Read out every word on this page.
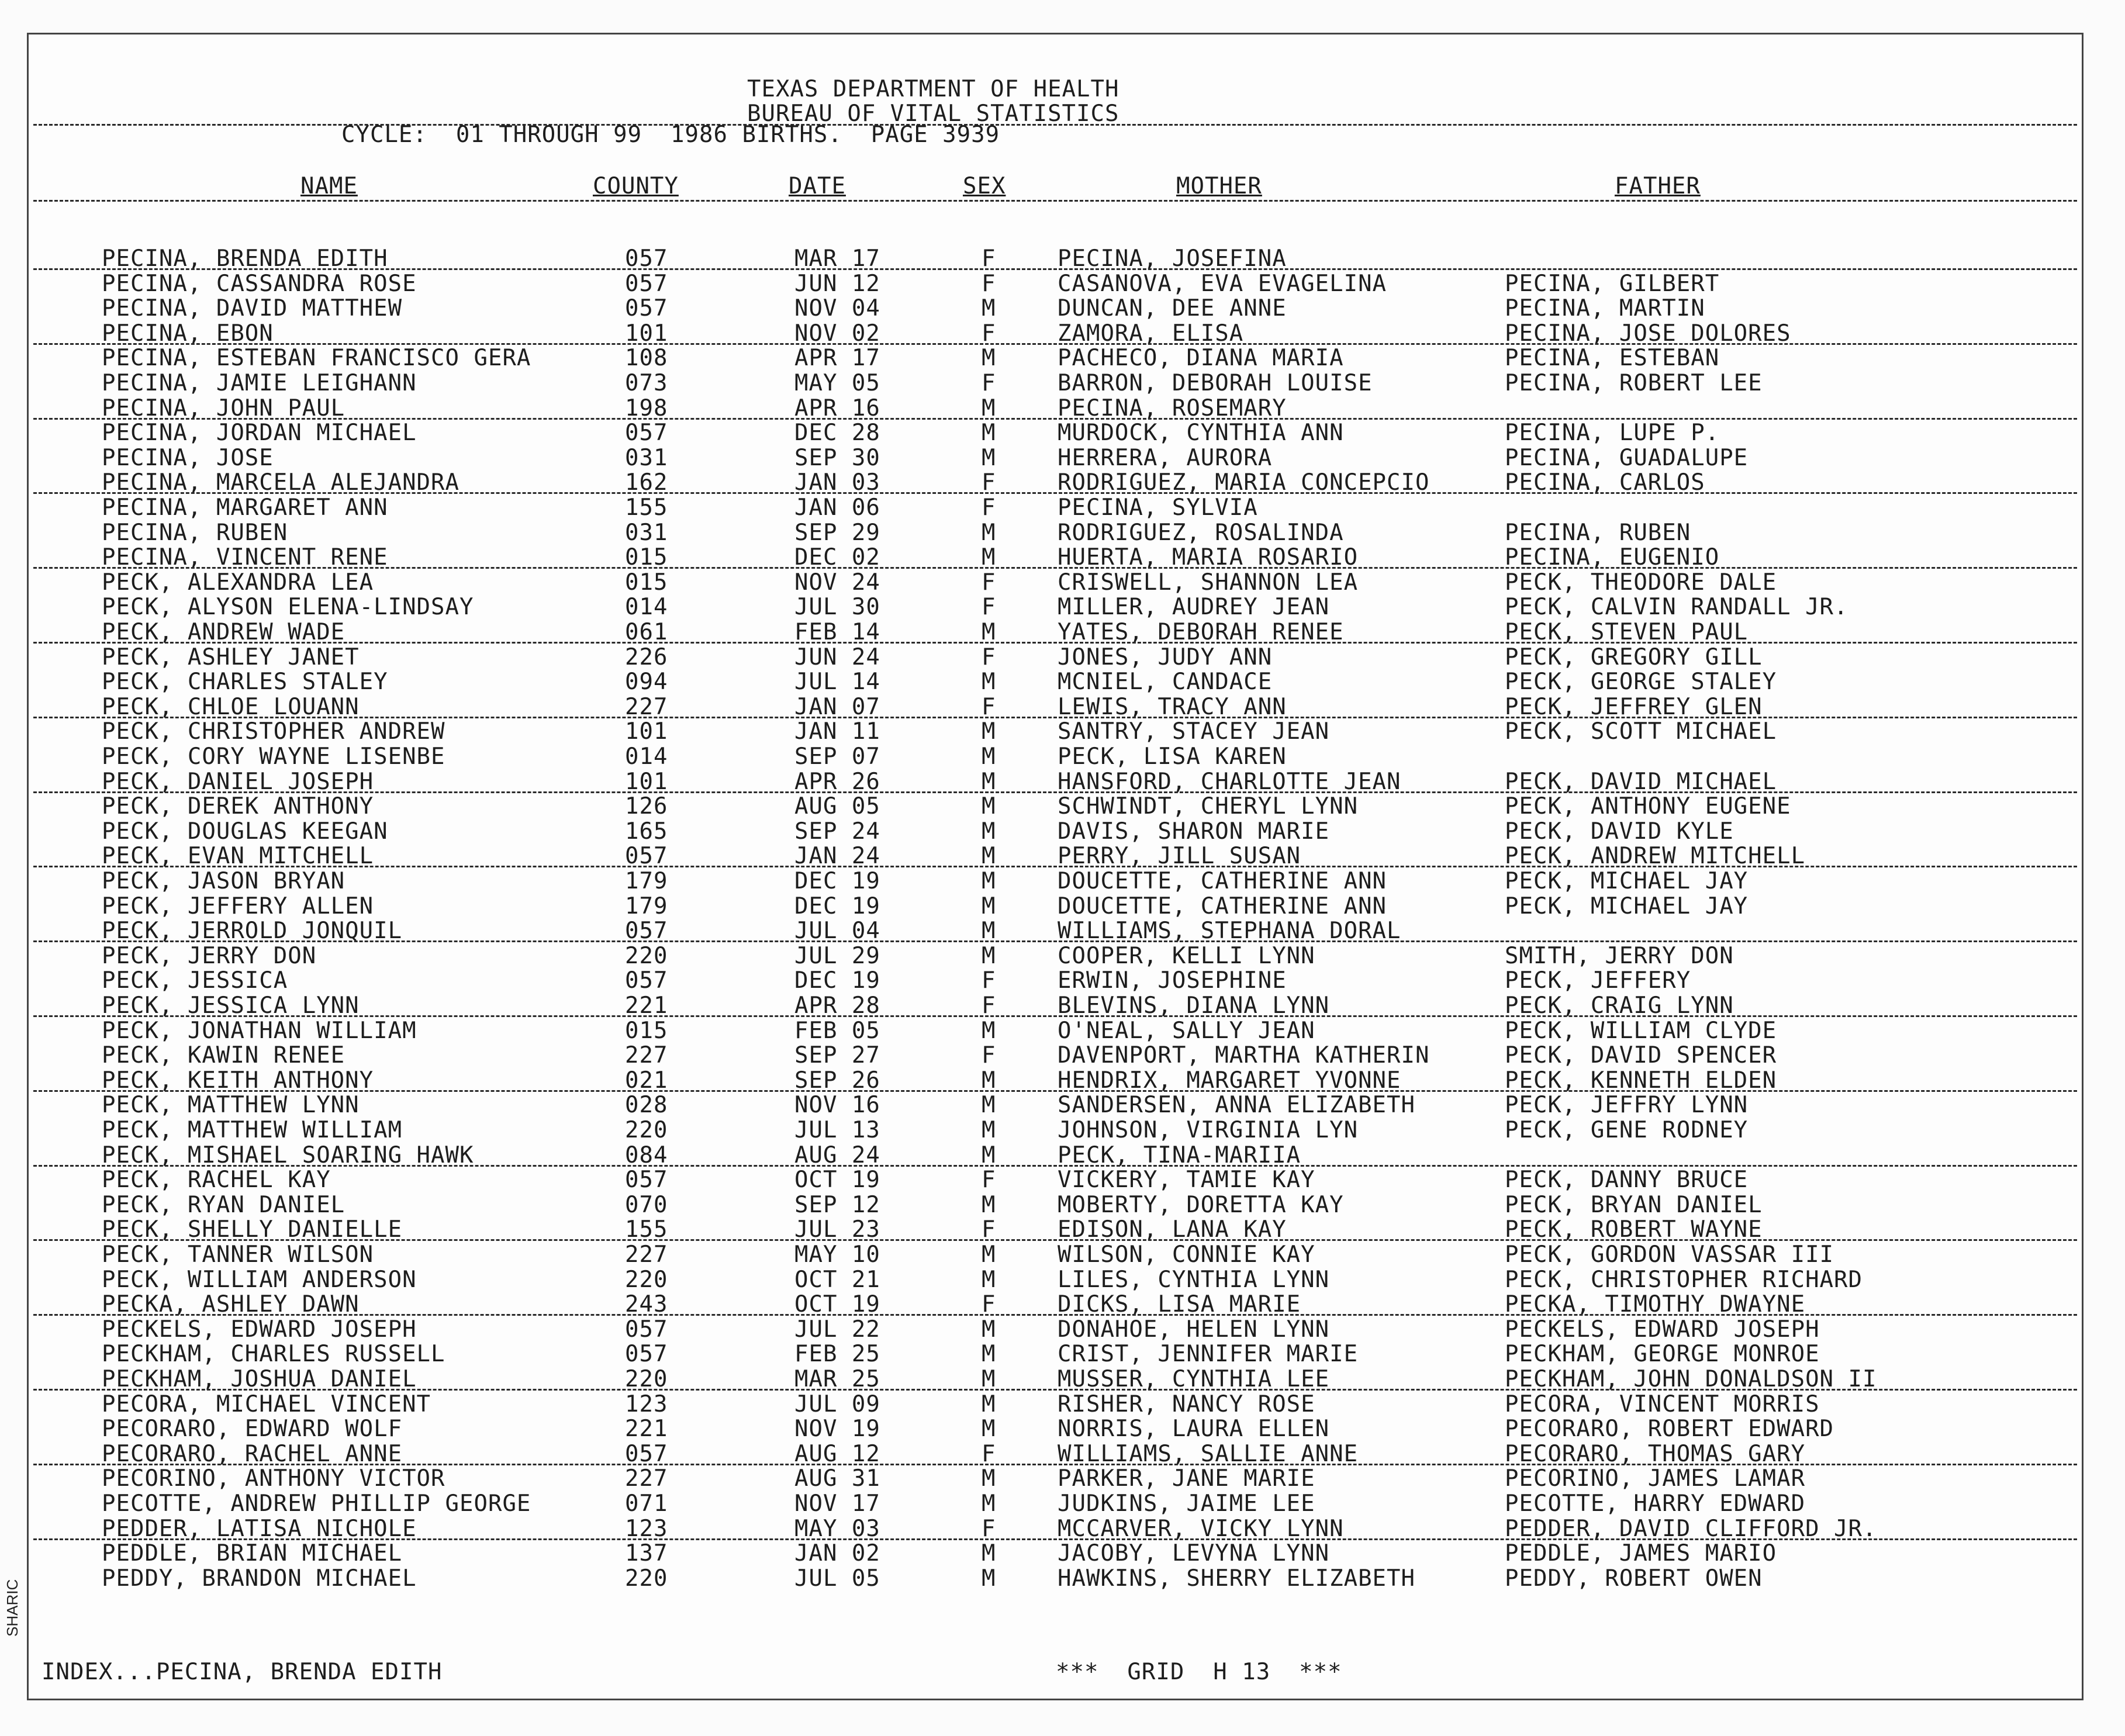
TEXAS DEPARTMENT OF HEALTH
BUREAU OF VITAL STATISTICS
CYCLE:  01 THROUGH 99  1986 BIRTHS.  PAGE 3939
NAME	COUNTY	DATE	SEX	MOTHER	FATHER
PECINA, BRENDA EDITH	057	MAR 17	F	PECINA, JOSEFINA
PECINA, CASSANDRA ROSE	057	JUN 12	F	CASANOVA, EVA EVAGELINA	PECINA, GILBERT
PECINA, DAVID MATTHEW	057	NOV 04	M	DUNCAN, DEE ANNE	PECINA, MARTIN
PECINA, EBON	101	NOV 02	F	ZAMORA, ELISA	PECINA, JOSE DOLORES
PECINA, ESTEBAN FRANCISCO GERA	108	APR 17	M	PACHECO, DIANA MARIA	PECINA, ESTEBAN
PECINA, JAMIE LEIGHANN	073	MAY 05	F	BARRON, DEBORAH LOUISE	PECINA, ROBERT LEE
PECINA, JOHN PAUL	198	APR 16	M	PECINA, ROSEMARY
PECINA, JORDAN MICHAEL	057	DEC 28	M	MURDOCK, CYNTHIA ANN	PECINA, LUPE P.
PECINA, JOSE	031	SEP 30	M	HERRERA, AURORA	PECINA, GUADALUPE
PECINA, MARCELA ALEJANDRA	162	JAN 03	F	RODRIGUEZ, MARIA CONCEPCIO	PECINA, CARLOS
PECINA, MARGARET ANN	155	JAN 06	F	PECINA, SYLVIA
PECINA, RUBEN	031	SEP 29	M	RODRIGUEZ, ROSALINDA	PECINA, RUBEN
PECINA, VINCENT RENE	015	DEC 02	M	HUERTA, MARIA ROSARIO	PECINA, EUGENIO
PECK, ALEXANDRA LEA	015	NOV 24	F	CRISWELL, SHANNON LEA	PECK, THEODORE DALE
PECK, ALYSON ELENA-LINDSAY	014	JUL 30	F	MILLER, AUDREY JEAN	PECK, CALVIN RANDALL JR.
PECK, ANDREW WADE	061	FEB 14	M	YATES, DEBORAH RENEE	PECK, STEVEN PAUL
PECK, ASHLEY JANET	226	JUN 24	F	JONES, JUDY ANN	PECK, GREGORY GILL
PECK, CHARLES STALEY	094	JUL 14	M	MCNIEL, CANDACE	PECK, GEORGE STALEY
PECK, CHLOE LOUANN	227	JAN 07	F	LEWIS, TRACY ANN	PECK, JEFFREY GLEN
PECK, CHRISTOPHER ANDREW	101	JAN 11	M	SANTRY, STACEY JEAN	PECK, SCOTT MICHAEL
PECK, CORY WAYNE LISENBE	014	SEP 07	M	PECK, LISA KAREN
PECK, DANIEL JOSEPH	101	APR 26	M	HANSFORD, CHARLOTTE JEAN	PECK, DAVID MICHAEL
PECK, DEREK ANTHONY	126	AUG 05	M	SCHWINDT, CHERYL LYNN	PECK, ANTHONY EUGENE
PECK, DOUGLAS KEEGAN	165	SEP 24	M	DAVIS, SHARON MARIE	PECK, DAVID KYLE
PECK, EVAN MITCHELL	057	JAN 24	M	PERRY, JILL SUSAN	PECK, ANDREW MITCHELL
PECK, JASON BRYAN	179	DEC 19	M	DOUCETTE, CATHERINE ANN	PECK, MICHAEL JAY
PECK, JEFFERY ALLEN	179	DEC 19	M	DOUCETTE, CATHERINE ANN	PECK, MICHAEL JAY
PECK, JERROLD JONQUIL	057	JUL 04	M	WILLIAMS, STEPHANA DORAL
PECK, JERRY DON	220	JUL 29	M	COOPER, KELLI LYNN	SMITH, JERRY DON
PECK, JESSICA	057	DEC 19	F	ERWIN, JOSEPHINE	PECK, JEFFERY
PECK, JESSICA LYNN	221	APR 28	F	BLEVINS, DIANA LYNN	PECK, CRAIG LYNN
PECK, JONATHAN WILLIAM	015	FEB 05	M	O'NEAL, SALLY JEAN	PECK, WILLIAM CLYDE
PECK, KAWIN RENEE	227	SEP 27	F	DAVENPORT, MARTHA KATHERIN	PECK, DAVID SPENCER
PECK, KEITH ANTHONY	021	SEP 26	M	HENDRIX, MARGARET YVONNE	PECK, KENNETH ELDEN
PECK, MATTHEW LYNN	028	NOV 16	M	SANDERSEN, ANNA ELIZABETH	PECK, JEFFRY LYNN
PECK, MATTHEW WILLIAM	220	JUL 13	M	JOHNSON, VIRGINIA LYN	PECK, GENE RODNEY
PECK, MISHAEL SOARING HAWK	084	AUG 24	M	PECK, TINA-MARIIA
PECK, RACHEL KAY	057	OCT 19	F	VICKERY, TAMIE KAY	PECK, DANNY BRUCE
PECK, RYAN DANIEL	070	SEP 12	M	MOBERTY, DORETTA KAY	PECK, BRYAN DANIEL
PECK, SHELLY DANIELLE	155	JUL 23	F	EDISON, LANA KAY	PECK, ROBERT WAYNE
PECK, TANNER WILSON	227	MAY 10	M	WILSON, CONNIE KAY	PECK, GORDON VASSAR III
PECK, WILLIAM ANDERSON	220	OCT 21	M	LILES, CYNTHIA LYNN	PECK, CHRISTOPHER RICHARD
PECKA, ASHLEY DAWN	243	OCT 19	F	DICKS, LISA MARIE	PECKA, TIMOTHY DWAYNE
PECKELS, EDWARD JOSEPH	057	JUL 22	M	DONAHOE, HELEN LYNN	PECKELS, EDWARD JOSEPH
PECKHAM, CHARLES RUSSELL	057	FEB 25	M	CRIST, JENNIFER MARIE	PECKHAM, GEORGE MONROE
PECKHAM, JOSHUA DANIEL	220	MAR 25	M	MUSSER, CYNTHIA LEE	PECKHAM, JOHN DONALDSON II
PECORA, MICHAEL VINCENT	123	JUL 09	M	RISHER, NANCY ROSE	PECORA, VINCENT MORRIS
PECORARO, EDWARD WOLF	221	NOV 19	M	NORRIS, LAURA ELLEN	PECORARO, ROBERT EDWARD
PECORARO, RACHEL ANNE	057	AUG 12	F	WILLIAMS, SALLIE ANNE	PECORARO, THOMAS GARY
PECORINO, ANTHONY VICTOR	227	AUG 31	M	PARKER, JANE MARIE	PECORINO, JAMES LAMAR
PECOTTE, ANDREW PHILLIP GEORGE	071	NOV 17	M	JUDKINS, JAIME LEE	PECOTTE, HARRY EDWARD
PEDDER, LATISA NICHOLE	123	MAY 03	F	MCCARVER, VICKY LYNN	PEDDER, DAVID CLIFFORD JR.
PEDDLE, BRIAN MICHAEL	137	JAN 02	M	JACOBY, LEVYNA LYNN	PEDDLE, JAMES MARIO
PEDDY, BRANDON MICHAEL	220	JUL 05	M	HAWKINS, SHERRY ELIZABETH	PEDDY, ROBERT OWEN
INDEX...PECINA, BRENDA EDITH	***  GRID  H 13  ***
SHARIC
